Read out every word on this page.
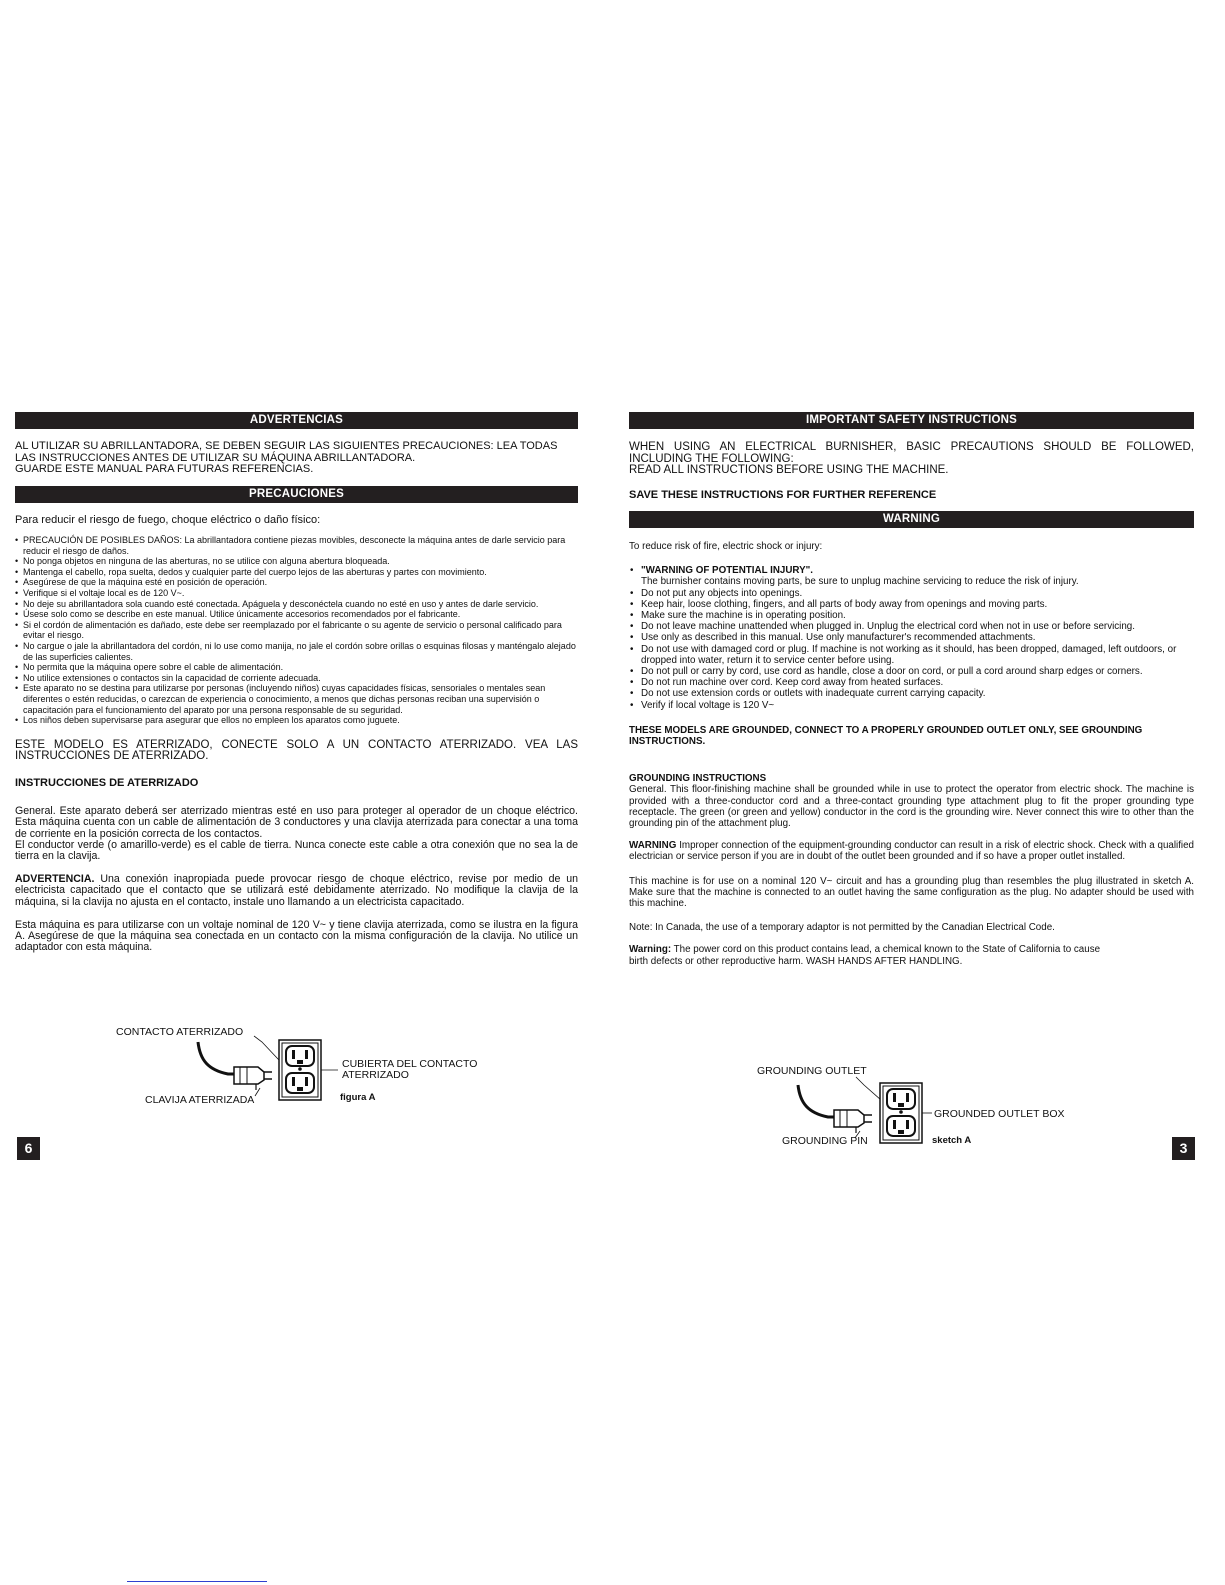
ADVERTENCIAS

AL UTILIZAR SU ABRILLANTADORA, SE DEBEN SEGUIR LAS SIGUIENTES PRECAUCIONES: LEA TODAS

LAS INSTRUCCIONES ANTES DE UTILIZAR SU MÁQUINA ABRILLANTADORA.

GUARDE ESTE MANUAL PARA FUTURAS REFERENCIAS.

PRECAUCIONES

Para reducir el riesgo de fuego, choque eléctrico o daño físico:

• PRECAUCIÓN DE POSIBLES DAÑOS: La abrillantadora contiene piezas movibles, desconecte la máquina antes de darle servicio para reducir el riesgo de daños.
• No ponga objetos en ninguna de las aberturas, no se utilice con alguna abertura bloqueada.
• Mantenga el cabello, ropa suelta, dedos y cualquier parte del cuerpo lejos de las aberturas y partes con movimiento.
• Asegúrese de que la máquina esté en posición de operación.
• Verifique si el voltaje local es de 120 V~.
• No deje su abrillantadora sola cuando esté conectada. Apáguela y desconéctela cuando no esté en uso y antes de darle servicio.
• Úsese solo como se describe en este manual. Utilice únicamente accesorios recomendados por el fabricante.
• Si el cordón de alimentación es dañado, este debe ser reemplazado por el fabricante o su agente de servicio o personal calificado para evitar el riesgo.
• No cargue o jale la abrillantadora del cordón, ni lo use como manija, no jale el cordón sobre orillas o esquinas filosas y manténgalo alejado de las superficies calientes.
• No permita que la máquina opere sobre el cable de alimentación.
• No utilice extensiones o contactos sin la capacidad de corriente adecuada.
• Este aparato no se destina para utilizarse por personas (incluyendo niños) cuyas capacidades físicas, sensoriales o mentales sean diferentes o estén reducidas, o carezcan de experiencia o conocimiento, a menos que dichas personas reciban una supervisión o capacitación para el funcionamiento del aparato por una persona responsable de su seguridad.
• Los niños deben supervisarse para asegurar que ellos no empleen los aparatos como juguete.

ESTE MODELO ES ATERRIZADO, CONECTE SOLO A UN CONTACTO ATERRIZADO. VEA LAS INSTRUCCIONES DE ATERRIZADO.

INSTRUCCIONES DE ATERRIZADO

General. Este aparato deberá ser aterrizado mientras esté en uso para proteger al operador de un choque eléctrico. Esta máquina cuenta con un cable de alimentación de 3 conductores y una clavija aterrizada para conectar a una toma de corriente en la posición correcta de los contactos.

El conductor verde (o amarillo-verde) es el cable de tierra. Nunca conecte este cable a otra conexión que no sea la de tierra en la clavija.

ADVERTENCIA. Una conexión inapropiada puede provocar riesgo de choque eléctrico, revise por medio de un electricista capacitado que el contacto que se utilizará esté debidamente aterrizado. No modifique la clavija de la máquina, si la clavija no ajusta en el contacto, instale uno llamando a un electricista capacitado.

Esta máquina es para utilizarse con un voltaje nominal de 120 V~ y tiene clavija aterrizada, como se ilustra en la figura A. Asegúrese de que la máquina sea conectada en un contacto con la misma configuración de la clavija. No utilice un adaptador con esta máquina.

CONTACTO ATERRIZADO
CUBIERTA DEL CONTACTO
ATERRIZADO
CLAVIJA ATERRIZADA	figura A
6
IMPORTANT SAFETY INSTRUCTIONS

WHEN USING AN ELECTRICAL BURNISHER, BASIC PRECAUTIONS SHOULD BE FOLLOWED,

INCLUDING THE FOLLOWING:

READ ALL INSTRUCTIONS BEFORE USING THE MACHINE.

SAVE THESE INSTRUCTIONS FOR FURTHER REFERENCE

WARNING

To reduce risk of fire, electric shock or injury:

• "WARNING OF POTENTIAL INJURY".
The burnisher contains moving parts, be sure to unplug machine servicing to reduce the risk of injury.
• Do not put any objects into openings.
• Keep hair, loose clothing, fingers, and all parts of body away from openings and moving parts.
• Make sure the machine is in operating position.
• Do not leave machine unattended when plugged in. Unplug the electrical cord when not in use or before servicing.
• Use only as described in this manual. Use only manufacturer's recommended attachments.
• Do not use with damaged cord or plug. If machine is not working as it should, has been dropped, damaged, left outdoors, or dropped into water, return it to service center before using.
• Do not pull or carry by cord, use cord as handle, close a door on cord, or pull a cord around sharp edges or corners.
• Do not run machine over cord. Keep cord away from heated surfaces.
• Do not use extension cords or outlets with inadequate current carrying capacity.
• Verify if local voltage is 120 V~

THESE MODELS ARE GROUNDED, CONNECT TO A PROPERLY GROUNDED OUTLET ONLY, SEE GROUNDING INSTRUCTIONS.

GROUNDING INSTRUCTIONS

General. This floor-finishing machine shall be grounded while in use to protect the operator from electric shock. The machine is provided with a three-conductor cord and a three-contact grounding type attachment plug to fit the proper grounding type receptacle. The green (or green and yellow) conductor in the cord is the grounding wire. Never connect this wire to other than the grounding pin of the attachment plug.

WARNING Improper connection of the equipment-grounding conductor can result in a risk of electric shock. Check with a qualified electrician or service person if you are in doubt of the outlet been grounded and if so have a proper outlet installed.

This machine is for use on a nominal 120 V~ circuit and has a grounding plug than resembles the plug illustrated in sketch A. Make sure that the machine is connected to an outlet having the same configuration as the plug. No adapter should be used with this machine.

Note: In Canada, the use of a temporary adaptor is not permitted by the Canadian Electrical Code.

Warning: The power cord on this product contains lead, a chemical known to the State of California to cause
birth defects or other reproductive harm. WASH HANDS AFTER HANDLING.

GROUNDING OUTLET
GROUNDED OUTLET BOX
GROUNDING PIN	sketch A	3
